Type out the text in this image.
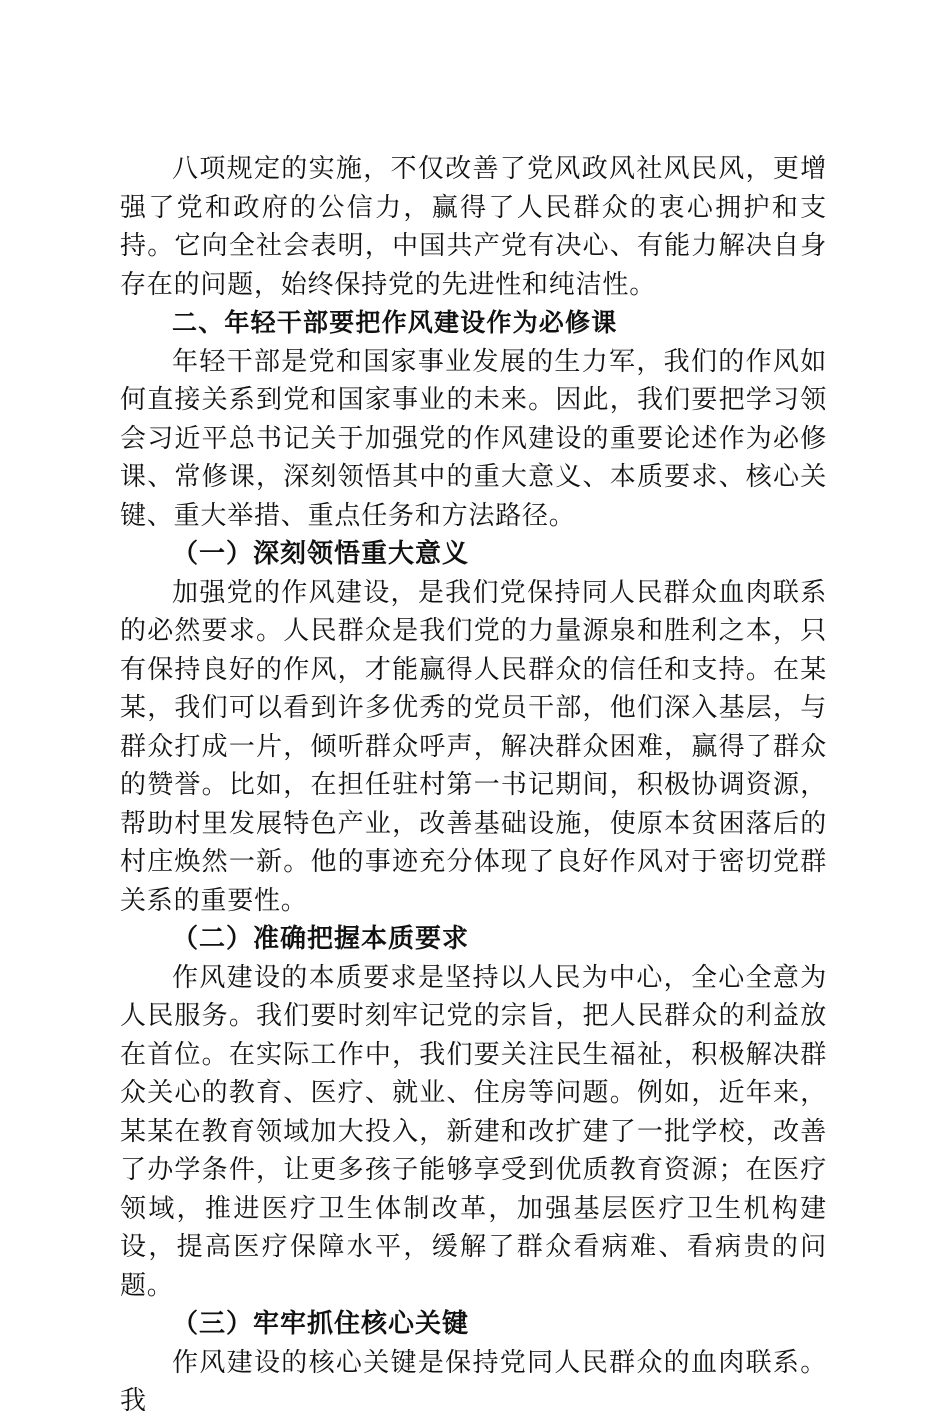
八项规定的实施，不仅改善了党风政风社风民风，更增强了党和政府的公信力，赢得了人民群众的衷心拥护和支持。它向全社会表明，中国共产党有决心、有能力解决自身存在的问题，始终保持党的先进性和纯洁性。

二、年轻干部要把作风建设作为必修课

年轻干部是党和国家事业发展的生力军，我们的作风如何直接关系到党和国家事业的未来。因此，我们要把学习领会习近平总书记关于加强党的作风建设的重要论述作为必修课、常修课，深刻领悟其中的重大意义、本质要求、核心关键、重大举措、重点任务和方法路径。

（一）深刻领悟重大意义

加强党的作风建设，是我们党保持同人民群众血肉联系的必然要求。人民群众是我们党的力量源泉和胜利之本，只有保持良好的作风，才能赢得人民群众的信任和支持。在某某，我们可以看到许多优秀的党员干部，他们深入基层，与群众打成一片，倾听群众呼声，解决群众困难，赢得了群众的赞誉。比如，在担任驻村第一书记期间，积极协调资源，帮助村里发展特色产业，改善基础设施，使原本贫困落后的村庄焕然一新。他的事迹充分体现了良好作风对于密切党群关系的重要性。

（二）准确把握本质要求

作风建设的本质要求是坚持以人民为中心，全心全意为人民服务。我们要时刻牢记党的宗旨，把人民群众的利益放在首位。在实际工作中，我们要关注民生福祉，积极解决群众关心的教育、医疗、就业、住房等问题。例如，近年来，某某在教育领域加大投入，新建和改扩建了一批学校，改善了办学条件，让更多孩子能够享受到优质教育资源；在医疗领域，推进医疗卫生体制改革，加强基层医疗卫生机构建设，提高医疗保障水平，缓解了群众看病难、看病贵的问题。

（三）牢牢抓住核心关键

作风建设的核心关键是保持党同人民群众的血肉联系。我
